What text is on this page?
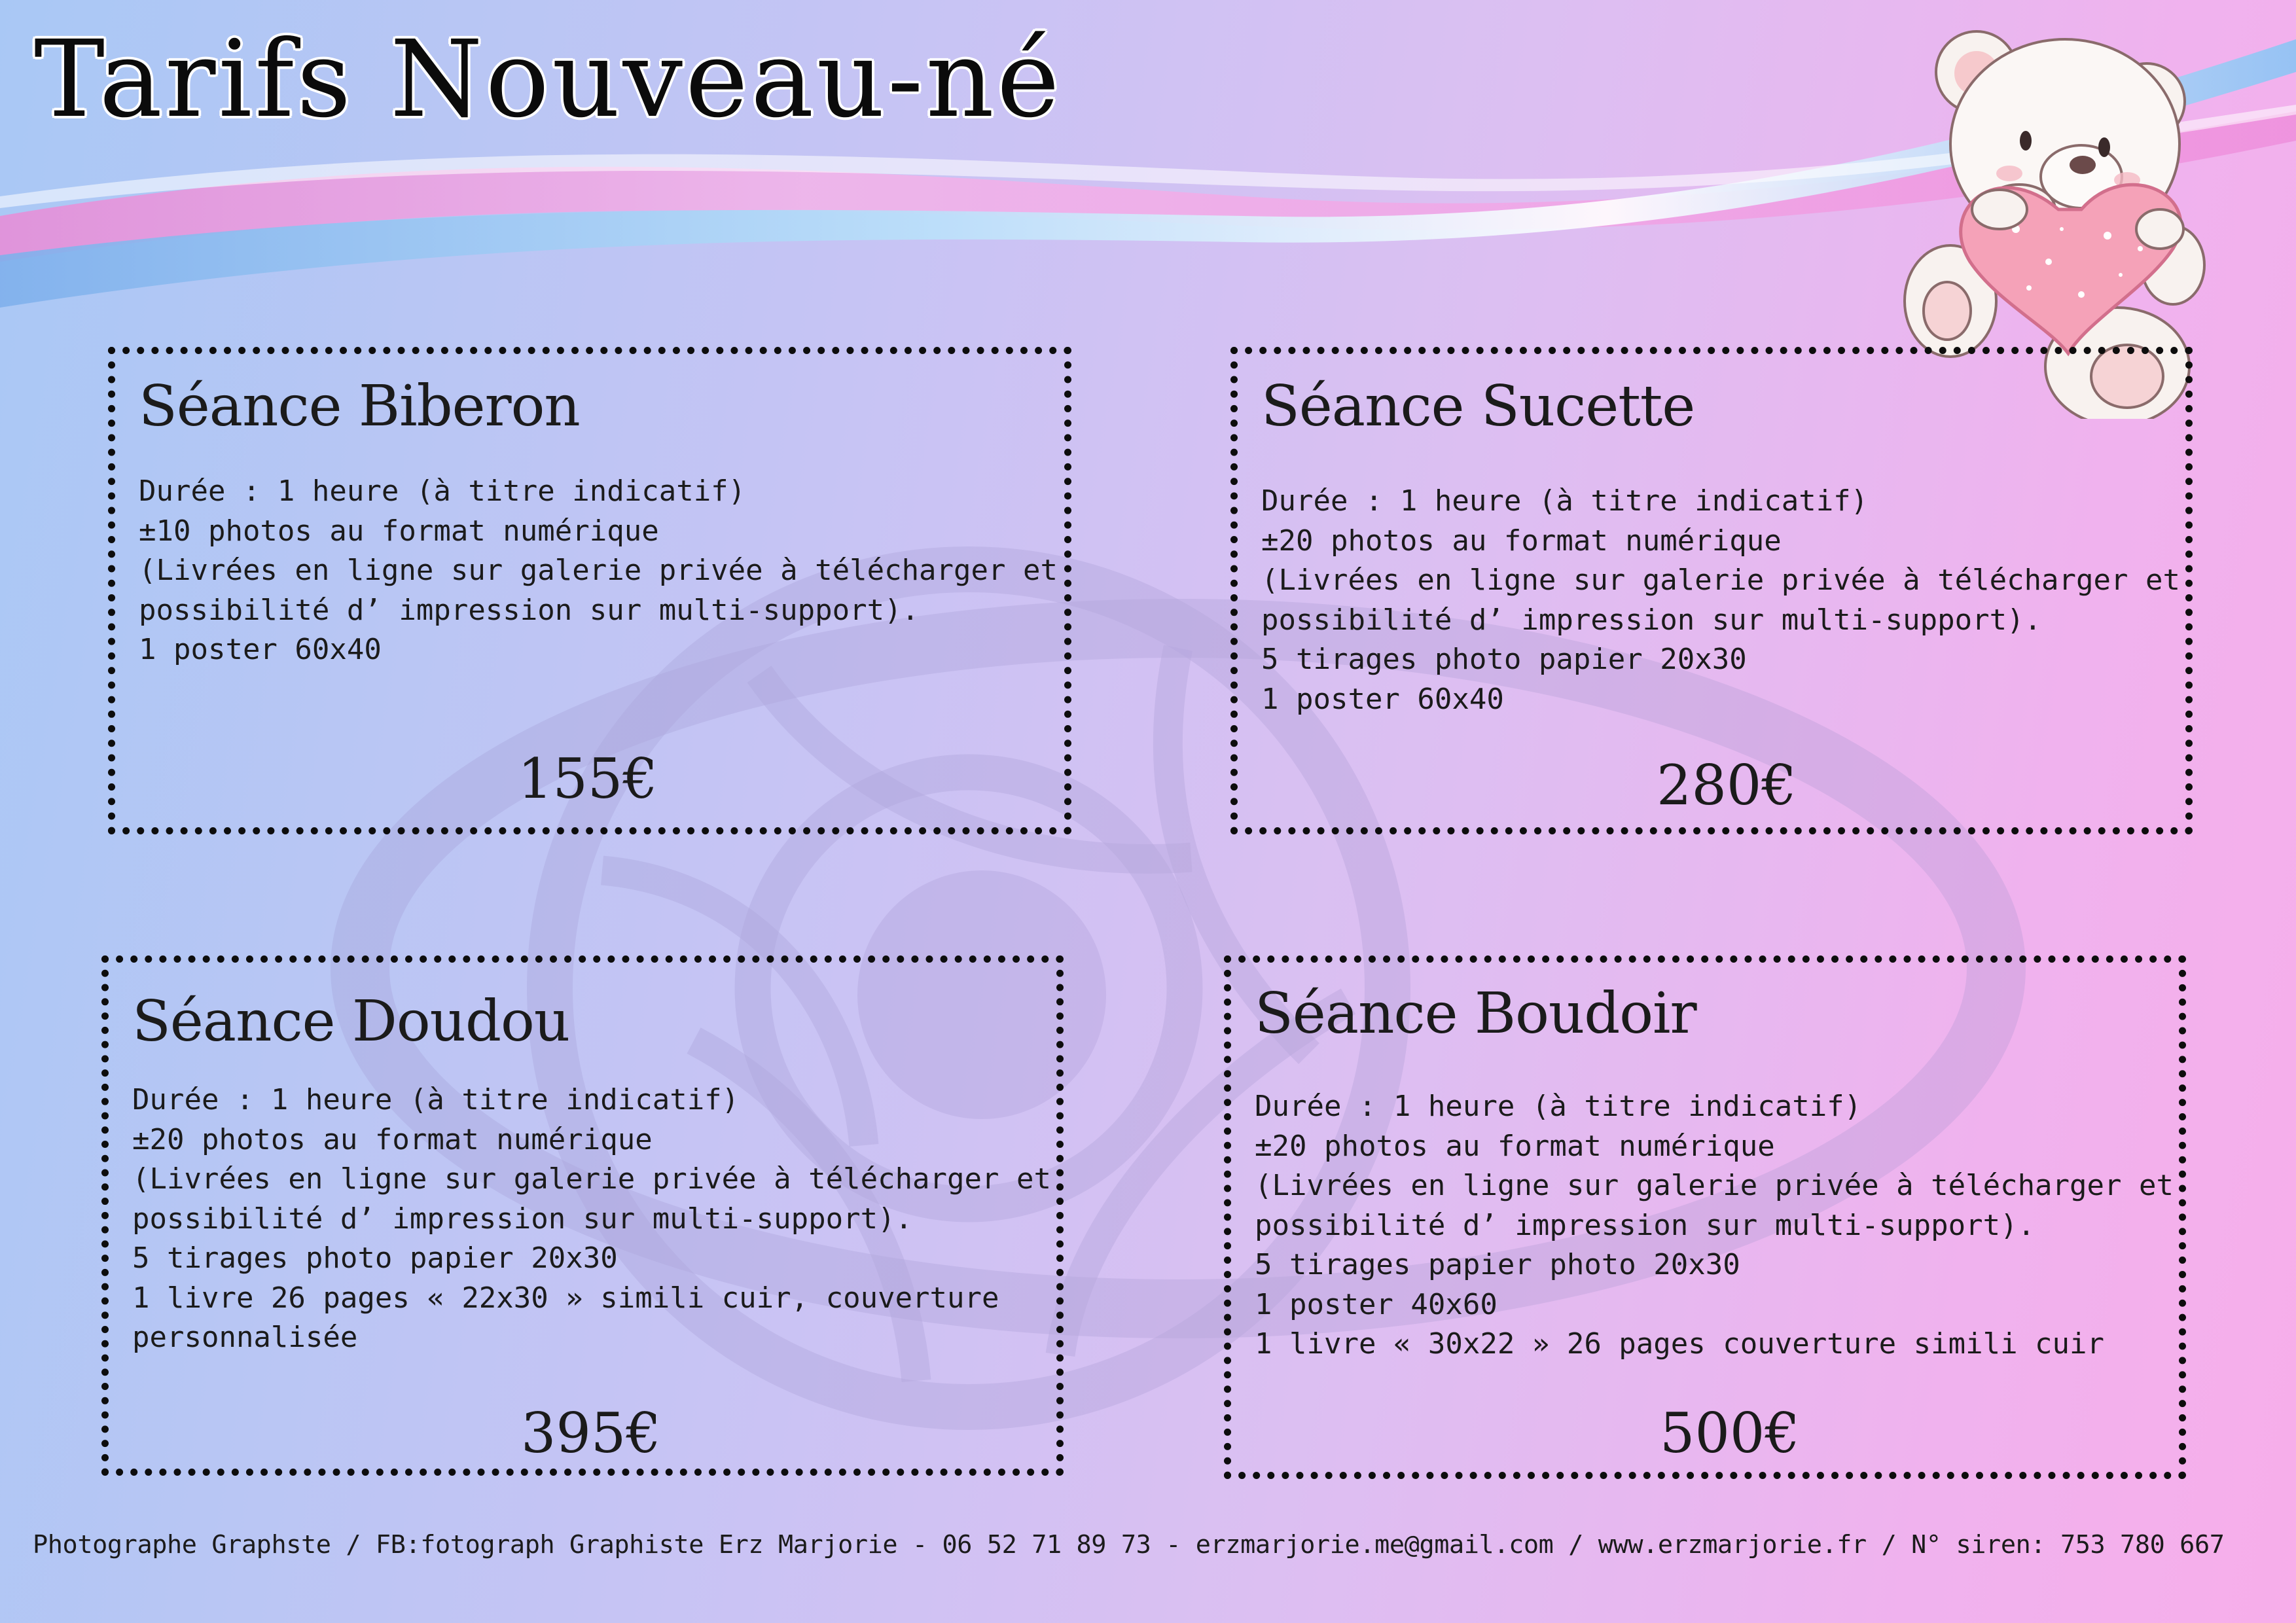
Tarifs Nouveau-né
Séance Biberon
Durée : 1 heure (à titre indicatif)
±10 photos au format numérique
(Livrées en ligne sur galerie privée à télécharger et
possibilité d’ impression sur multi-support).
1 poster 60x40

155€

Séance Sucette
Durée : 1 heure (à titre indicatif)
±20 photos au format numérique
(Livrées en ligne sur galerie privée à télécharger et
possibilité d’ impression sur multi-support).
5 tirages photo papier 20x30
1 poster 60x40

280€

Séance Doudou
Durée : 1 heure (à titre indicatif)
±20 photos au format numérique
(Livrées en ligne sur galerie privée à télécharger et
possibilité d’ impression sur multi-support).
5 tirages photo papier 20x30
1 livre 26 pages « 22x30 » simili cuir, couverture
personnalisée

395€

Séance Boudoir
Durée : 1 heure (à titre indicatif)
±20 photos au format numérique
(Livrées en ligne sur galerie privée à télécharger et
possibilité d’ impression sur multi-support).
5 tirages papier photo 20x30
1 poster 40x60
1 livre « 30x22 » 26 pages couverture simili cuir

500€

Photographe Graphste / FB:fotograph Graphiste Erz Marjorie - 06 52 71 89 73 - erzmarjorie.me@gmail.com / www.erzmarjorie.fr / N° siren: 753 780 667
